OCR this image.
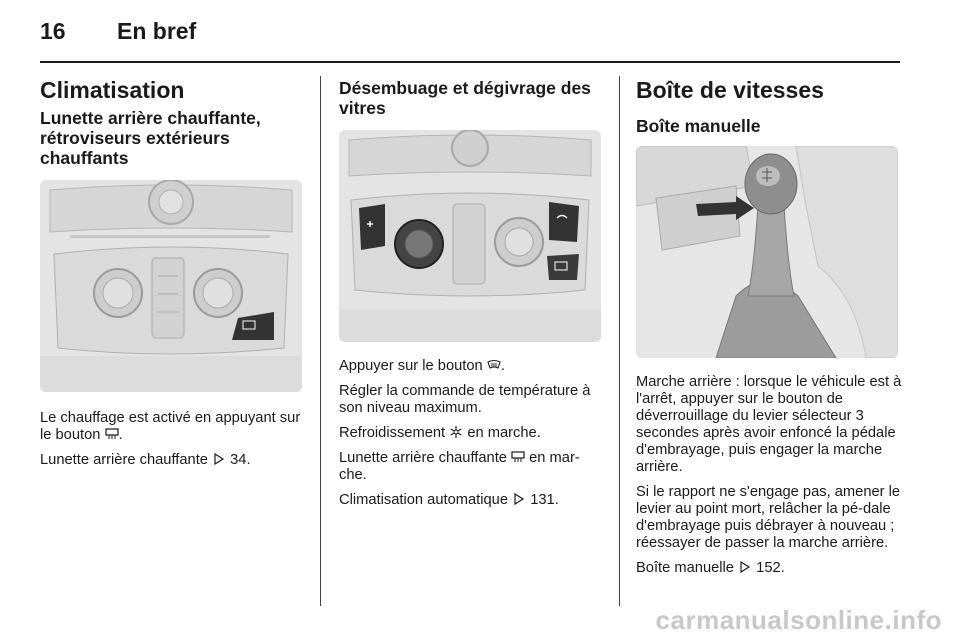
16 En bref
Climatisation
Lunette arrière chauffante, rétroviseurs extérieurs chauffants

Le chauffage est activé en appuyant sur le bouton .

Lunette arrière chauffante 34.

Désembuage et dégivrage des vitres

Appuyer sur le bouton .

Régler la commande de température à son niveau maximum.

Refroidissement en marche.

Lunette arrière chauffante en mar-che.

Climatisation automatique 131.

Boîte de vitesses
Boîte manuelle

Marche arrière : lorsque le véhicule est à l'arrêt, appuyer sur le bouton de déverrouillage du levier sélecteur 3 secondes après avoir enfoncé la pédale d'embrayage, puis engager la marche arrière.

Si le rapport ne s'engage pas, amener le levier au point mort, relâcher la pé-dale d'embrayage puis débrayer à nouveau ; réessayer de passer la marche arrière.

Boîte manuelle 152.

carmanualsonline.info
